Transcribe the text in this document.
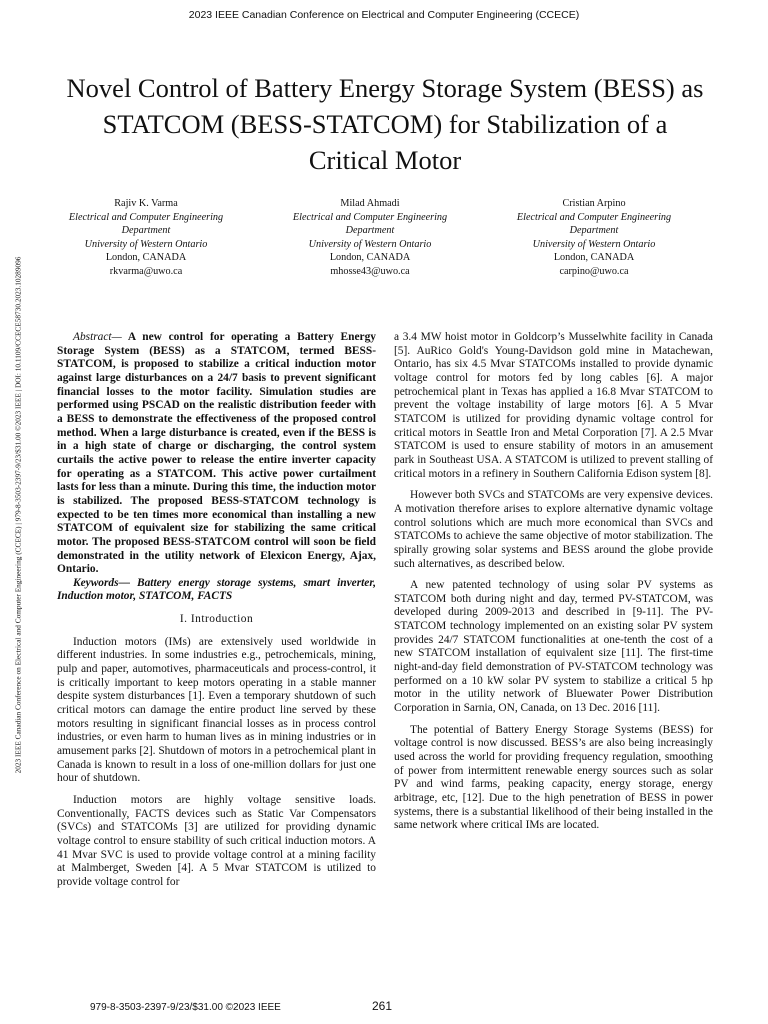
2023 IEEE Canadian Conference on Electrical and Computer Engineering (CCECE)
2023 IEEE Canadian Conference on Electrical and Computer Engineering (CCECE) | 979-8-3503-2397-9/23/$31.00 ©2023 IEEE | DOI: 10.1109/CCECE58730.2023.10289096
Novel Control of Battery Energy Storage System (BESS) as STATCOM (BESS-STATCOM) for Stabilization of a Critical Motor
Rajiv K. Varma
Electrical and Computer Engineering
Department
University of Western Ontario
London, CANADA
rkvarma@uwo.ca
Milad Ahmadi
Electrical and Computer Engineering
Department
University of Western Ontario
London, CANADA
mhosse43@uwo.ca
Cristian Arpino
Electrical and Computer Engineering
Department
University of Western Ontario
London, CANADA
carpino@uwo.ca

Abstract— A new control for operating a Battery Energy Storage System (BESS) as a STATCOM, termed BESS-STATCOM, is proposed to stabilize a critical induction motor against large disturbances on a 24/7 basis to prevent significant financial losses to the motor facility. Simulation studies are performed using PSCAD on the realistic distribution feeder with a BESS to demonstrate the effectiveness of the proposed control method. When a large disturbance is created, even if the BESS is in a high state of charge or discharging, the control system curtails the active power to release the entire inverter capacity for operating as a STATCOM. This active power curtailment lasts for less than a minute. During this time, the induction motor is stabilized. The proposed BESS-STATCOM technology is expected to be ten times more economical than installing a new STATCOM of equivalent size for stabilizing the same critical motor. The proposed BESS-STATCOM control will soon be field demonstrated in the utility network of Elexicon Energy, Ajax, Ontario.

Keywords— Battery energy storage systems, smart inverter, Induction motor, STATCOM, FACTS

I. Introduction

Induction motors (IMs) are extensively used worldwide in different industries. In some industries e.g., petrochemicals, mining, pulp and paper, automotives, pharmaceuticals and process-control, it is critically important to keep motors operating in a stable manner despite system disturbances [1]. Even a temporary shutdown of such critical motors can damage the entire product line served by these motors resulting in significant financial losses as in process control industries, or even harm to human lives as in mining industries or in amusement parks [2]. Shutdown of motors in a petrochemical plant in Canada is known to result in a loss of one-million dollars for just one hour of shutdown.

Induction motors are highly voltage sensitive loads. Conventionally, FACTS devices such as Static Var Compensators (SVCs) and STATCOMs [3] are utilized for providing dynamic voltage control to ensure stability of such critical induction motors. A 41 Mvar SVC is used to provide voltage control at a mining facility at Malmberget, Sweden [4]. A 5 Mvar STATCOM is utilized to provide voltage control for

a 3.4 MW hoist motor in Goldcorp’s Musselwhite facility in Canada [5]. AuRico Gold's Young-Davidson gold mine in Matachewan, Ontario, has six 4.5 Mvar STATCOMs installed to provide dynamic voltage control for motors fed by long cables [6]. A major petrochemical plant in Texas has applied a 16.8 Mvar STATCOM to prevent the voltage instability of large motors [6]. A 5 Mvar STATCOM is utilized for providing dynamic voltage control for critical motors in Seattle Iron and Metal Corporation [7]. A 2.5 Mvar STATCOM is used to ensure stability of motors in an amusement park in Southeast USA. A STATCOM is utilized to prevent stalling of critical motors in a refinery in Southern California Edison system [8].

However both SVCs and STATCOMs are very expensive devices. A motivation therefore arises to explore alternative dynamic voltage control solutions which are much more economical than SVCs and STATCOMs to achieve the same objective of motor stabilization. The spirally growing solar systems and BESS around the globe provide such alternatives, as described below.

A new patented technology of using solar PV systems as STATCOM both during night and day, termed PV-STATCOM, was developed during 2009-2013 and described in [9-11]. The PV-STATCOM technology implemented on an existing solar PV system provides 24/7 STATCOM functionalities at one-tenth the cost of a new STATCOM installation of equivalent size [11]. The first-time night-and-day field demonstration of PV-STATCOM technology was performed on a 10 kW solar PV system to stabilize a critical 5 hp motor in the utility network of Bluewater Power Distribution Corporation in Sarnia, ON, Canada, on 13 Dec. 2016 [11].

The potential of Battery Energy Storage Systems (BESS) for voltage control is now discussed. BESS’s are also being increasingly used across the world for providing frequency regulation, smoothing of power from intermittent renewable energy sources such as solar PV and wind farms, peaking capacity, energy storage, energy arbitrage, etc, [12]. Due to the high penetration of BESS in power systems, there is a substantial likelihood of their being installed in the same network where critical IMs are located.

979-8-3503-2397-9/23/$31.00 ©2023 IEEE	261
